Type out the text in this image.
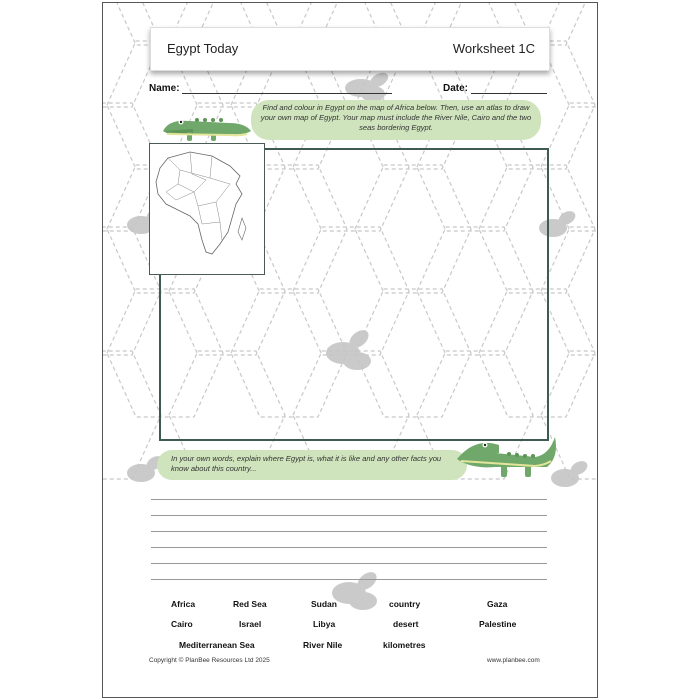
Egypt Today	Worksheet 1C
Name:	Date:
Find and colour in Egypt on the map of Africa below. Then, use an atlas to draw your own map of Egypt. Your map must include the River Nile, Cairo and the two seas bordering Egypt.
In your own words, explain where Egypt is, what it is like and any other facts you know about this country...
Africa	Red Sea	Sudan	country	Gaza
Cairo	Israel	Libya	desert	Palestine
Mediterranean Sea	River Nile	kilometres
Copyright © PlanBee Resources Ltd 2025	www.planbee.com
